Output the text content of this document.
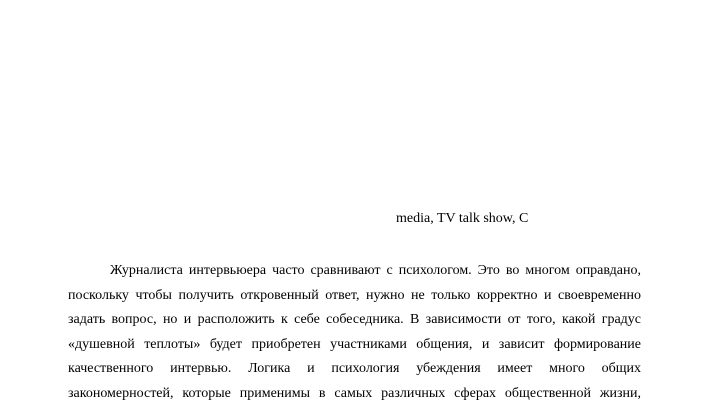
media, TV talk show, C
Журналиста интервьюера часто сравнивают с психологом. Это во многом оправдано,
поскольку чтобы получить откровенный ответ, нужно не только корректно и своевременно
задать вопрос, но и расположить к себе собеседника. В зависимости от того, какой градус
«душевной теплоты» будет приобретен участниками общения, и зависит формирование
качественного интервью. Логика и психология убеждения имеет много общих
закономерностей, которые применимы в самых различных сферах общественной жизни,
